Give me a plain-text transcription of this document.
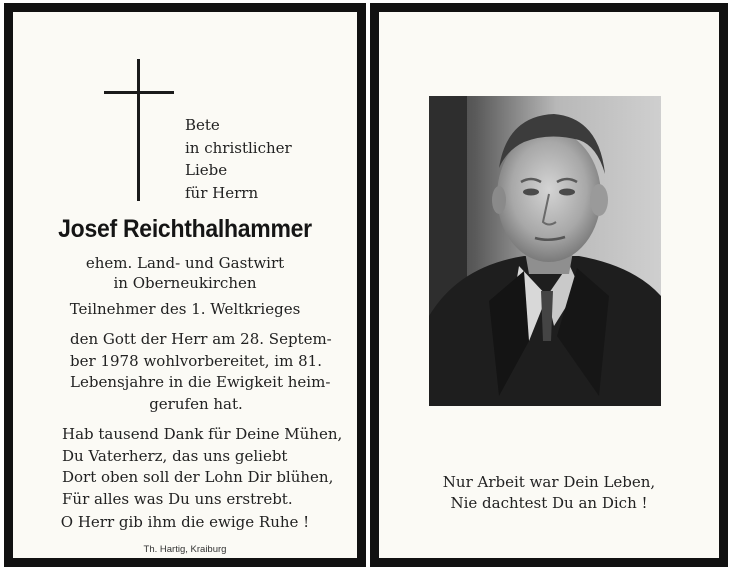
Bete
in christlicher
Liebe
für Herrn
Josef Reichthalhammer
ehem. Land- und Gastwirt
in Oberneukirchen
Teilnehmer des 1. Weltkrieges
den Gott der Herr am 28. Septem-
ber 1978 wohlvorbereitet, im 81.
Lebensjahre in die Ewigkeit heim-
gerufen hat.
Hab tausend Dank für Deine Mühen,
Du Vaterherz, das uns geliebt
Dort oben soll der Lohn Dir blühen,
Für alles was Du uns erstrebt.
O Herr gib ihm die ewige Ruhe !
Th. Hartig, Kraiburg
Nur Arbeit war Dein Leben,
Nie dachtest Du an Dich !
